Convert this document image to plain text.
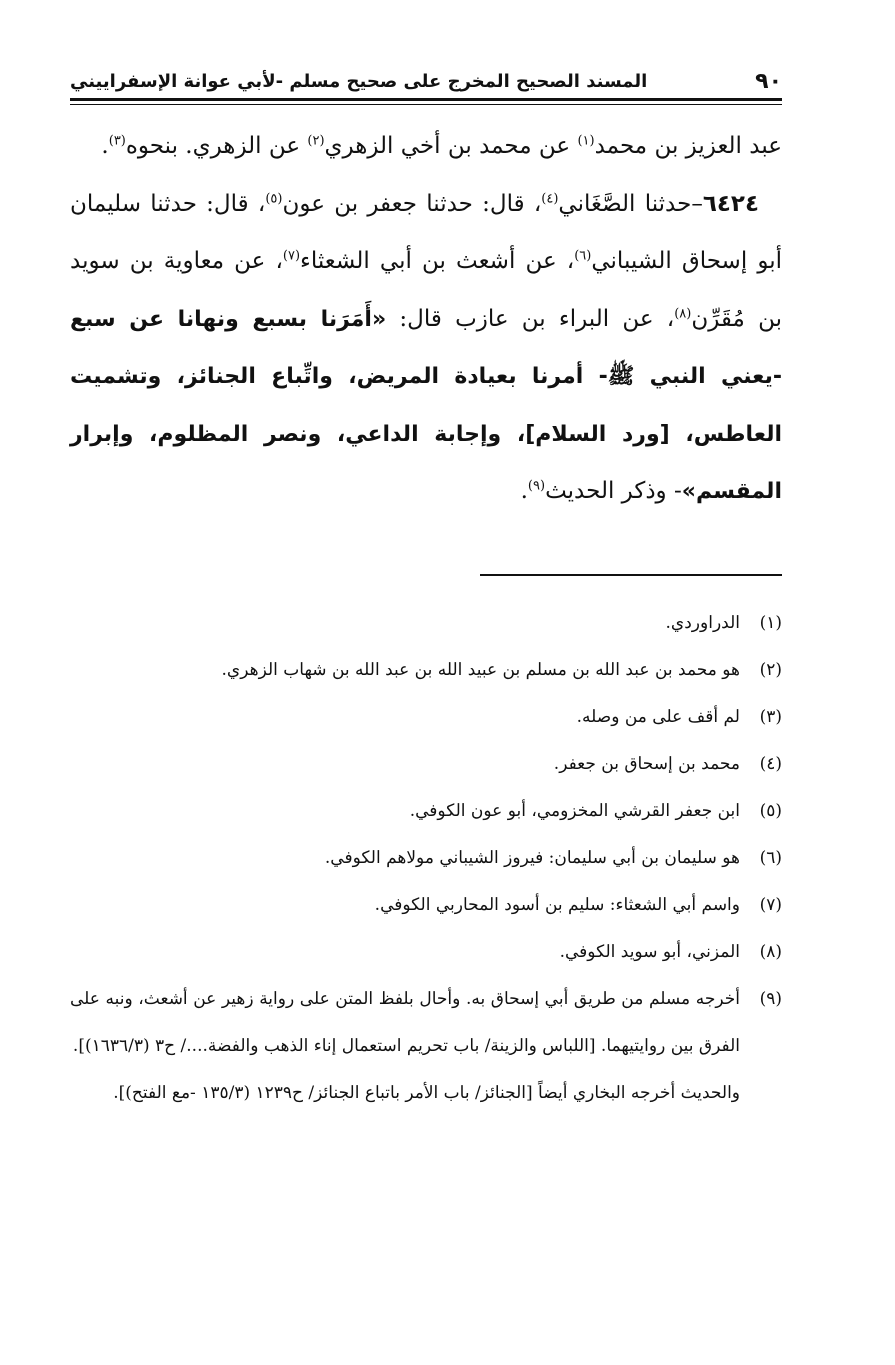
٩٠
المسند الصحيح المخرج على صحيح مسلم -لأبي عوانة الإسفراييني

عبد العزيز بن محمد$^{(١)}$ عن محمد بن أخي الزهري$^{(٢)}$ عن الزهري. بنحوه$^{(٣)}$.

 ٦٤٢٤–حدثنا الصَّغَاني$^{(٤)}$، قال: حدثنا جعفر بن عون$^{(٥)}$، قال: حدثنا سليمان أبو إسحاق الشيباني$^{(٦)}$، عن أشعث بن أبي الشعثاء$^{(٧)}$، عن معاوية بن سويد بن مُقَرِّن$^{(٨)}$، عن البراء بن عازب قال: «أَمَرَنا بسبع ونهانا عن سبع -يعني النبي ﷺ- أمرنا بعيادة المريض، واتِّباع الجنائز، وتشميت العاطس، [ورد السلام]، وإجابة الداعي، ونصر المظلوم، وإبرار المقسم»- وذكر الحديث$^{(٩)}$.

(١)
الدراوردي.
(٢)
هو محمد بن عبد الله بن مسلم بن عبيد الله بن عبد الله بن شهاب الزهري.
(٣)
لم أقف على من وصله.
(٤)
محمد بن إسحاق بن جعفر.
(٥)
ابن جعفر القرشي المخزومي، أبو عون الكوفي.
(٦)
هو سليمان بن أبي سليمان: فيروز الشيباني مولاهم الكوفي.
(٧)
واسم أبي الشعثاء: سليم بن أسود المحاربي الكوفي.
(٨)
المزني، أبو سويد الكوفي.
(٩)
أخرجه مسلم من طريق أبي إسحاق به. وأحال بلفظ المتن على رواية زهير عن أشعث، ونبه على الفرق بين روايتيهما. [اللباس والزينة/ باب تحريم استعمال إناء الذهب والفضة..../ ح٣ (١٦٣٦/٣)].
والحديث أخرجه البخاري أيضاً [الجنائز/ باب الأمر باتباع الجنائز/ ح١٢٣٩ (١٣٥/٣ -مع الفتح)].
